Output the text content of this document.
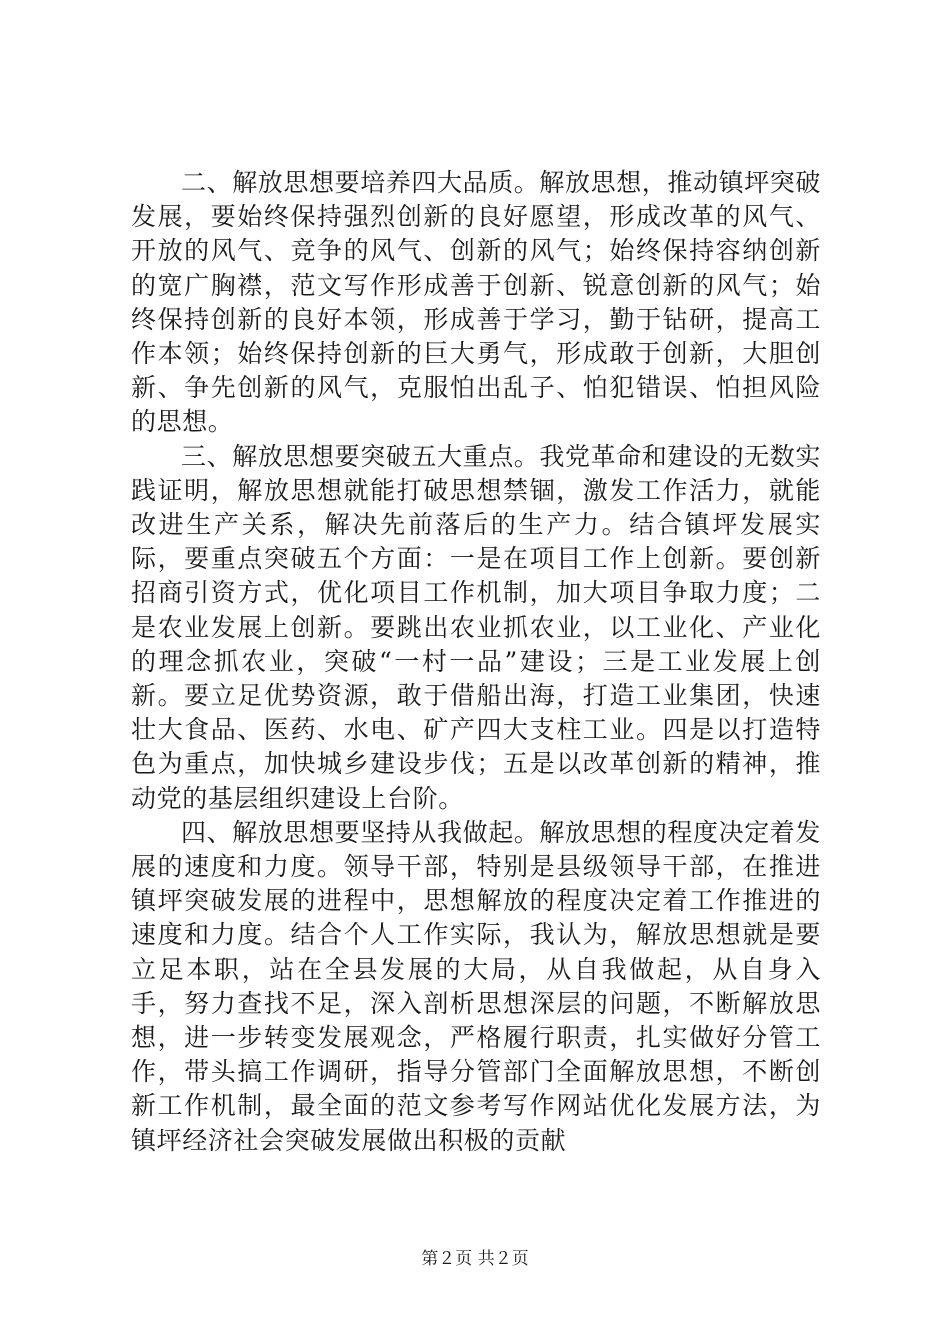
二、解放思想要培养四大品质。解放思想，推动镇坪突破发展，要始终保持强烈创新的良好愿望，形成改革的风气、开放的风气、竞争的风气、创新的风气；始终保持容纳创新的宽广胸襟，范文写作形成善于创新、锐意创新的风气；始终保持创新的良好本领，形成善于学习，勤于钻研，提高工作本领；始终保持创新的巨大勇气，形成敢于创新，大胆创新、争先创新的风气，克服怕出乱子、怕犯错误、怕担风险的思想。

三、解放思想要突破五大重点。我党革命和建设的无数实践证明，解放思想就能打破思想禁锢，激发工作活力，就能改进生产关系，解决先前落后的生产力。结合镇坪发展实际，要重点突破五个方面：一是在项目工作上创新。要创新招商引资方式，优化项目工作机制，加大项目争取力度；二是农业发展上创新。要跳出农业抓农业，以工业化、产业化的理念抓农业，突破“一村一品”建设；三是工业发展上创新。要立足优势资源，敢于借船出海，打造工业集团，快速壮大食品、医药、水电、矿产四大支柱工业。四是以打造特色为重点，加快城乡建设步伐；五是以改革创新的精神，推动党的基层组织建设上台阶。

四、解放思想要坚持从我做起。解放思想的程度决定着发展的速度和力度。领导干部，特别是县级领导干部，在推进镇坪突破发展的进程中，思想解放的程度决定着工作推进的速度和力度。结合个人工作实际，我认为，解放思想就是要立足本职，站在全县发展的大局，从自我做起，从自身入手，努力查找不足，深入剖析思想深层的问题，不断解放思想，进一步转变发展观念，严格履行职责，扎实做好分管工作，带头搞工作调研，指导分管部门全面解放思想，不断创新工作机制，最全面的范文参考写作网站优化发展方法，为镇坪经济社会突破发展做出积极的贡献

第２页 共２页
